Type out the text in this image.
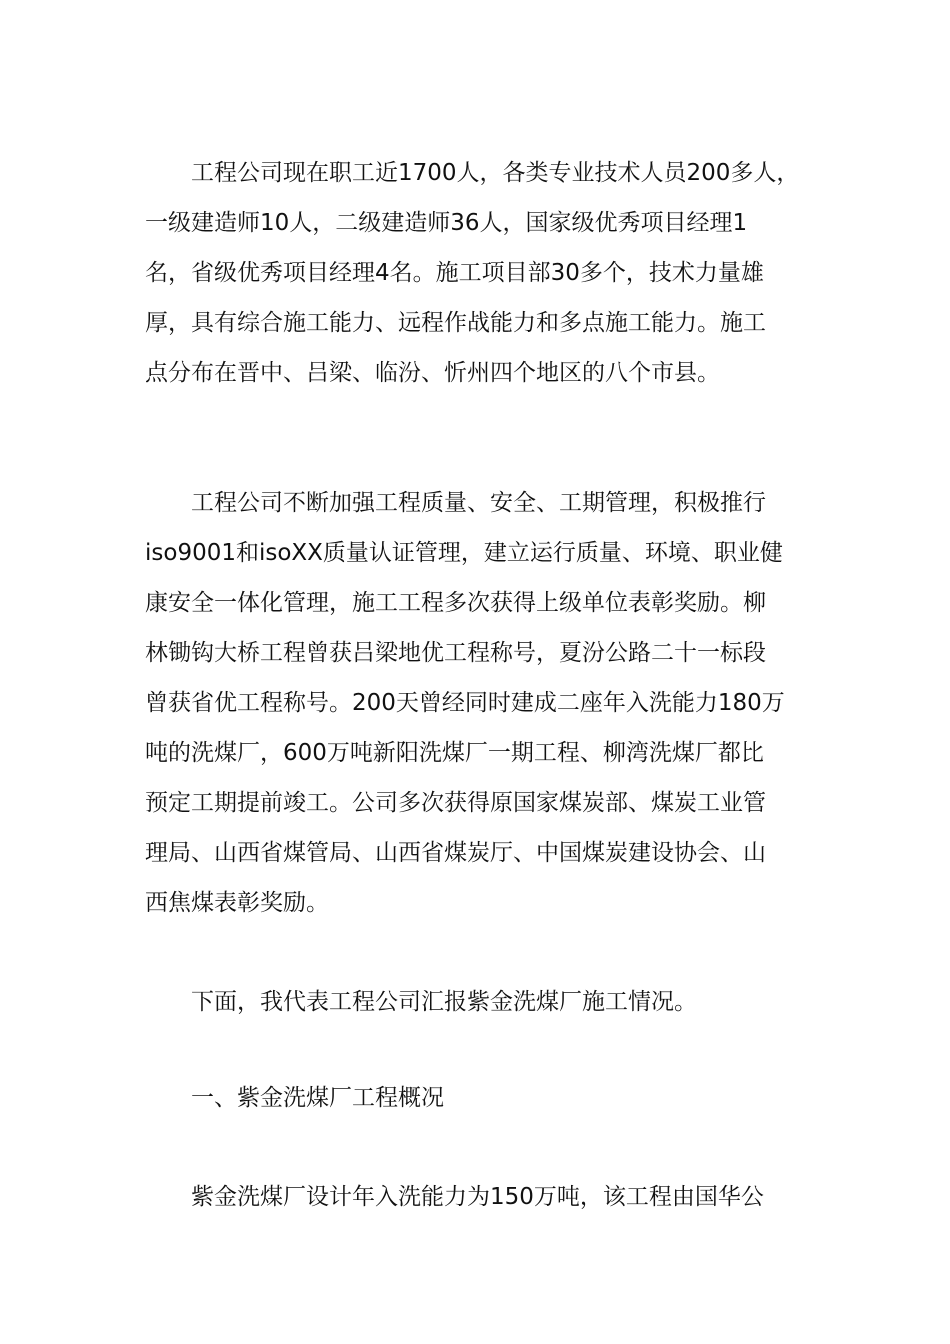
工程公司现在职工近1700人，各类专业技术人员200多人，
一级建造师10人，二级建造师36人，国家级优秀项目经理1
名，省级优秀项目经理4名。施工项目部30多个，技术力量雄
厚，具有综合施工能力、远程作战能力和多点施工能力。施工
点分布在晋中、吕梁、临汾、忻州四个地区的八个市县。

工程公司不断加强工程质量、安全、工期管理，积极推行
iso9001和isoXX质量认证管理，建立运行质量、环境、职业健
康安全一体化管理，施工工程多次获得上级单位表彰奖励。柳
林锄钩大桥工程曾获吕梁地优工程称号，夏汾公路二十一标段
曾获省优工程称号。200天曾经同时建成二座年入洗能力180万
吨的洗煤厂，600万吨新阳洗煤厂一期工程、柳湾洗煤厂都比
预定工期提前竣工。公司多次获得原国家煤炭部、煤炭工业管
理局、山西省煤管局、山西省煤炭厅、中国煤炭建设协会、山
西焦煤表彰奖励。

下面，我代表工程公司汇报紫金洗煤厂施工情况。

一、紫金洗煤厂工程概况

紫金洗煤厂设计年入洗能力为150万吨，该工程由国华公
